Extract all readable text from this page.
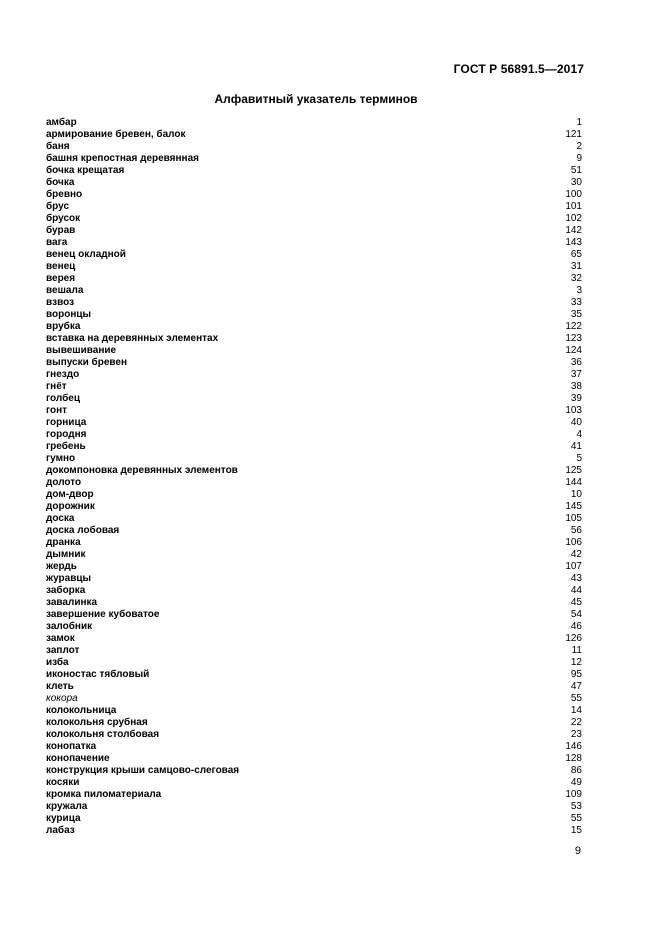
ГОСТ Р 56891.5—2017
Алфавитный указатель терминов
амбар	1
армирование бревен, балок	121
баня	2
башня крепостная деревянная	9
бочка крещатая	51
бочка	30
бревно	100
брус	101
брусок	102
бурав	142
вага	143
венец окладной	65
венец	31
верея	32
вешала	3
взвоз	33
воронцы	35
врубка	122
вставка на деревянных элементах	123
вывешивание	124
выпуски бревен	36
гнездо	37
гнёт	38
голбец	39
гонт	103
горница	40
городня	4
гребень	41
гумно	5
докомпоновка деревянных элементов	125
долото	144
дом-двор	10
дорожник	145
доска	105
доска лобовая	56
дранка	106
дымник	42
жердь	107
журавцы	43
заборка	44
завалинка	45
завершение кубоватое	54
залобник	46
замок	126
заплот	11
изба	12
иконостас тябловый	95
клеть	47
кокора	55
колокольница	14
колокольня срубная	22
колокольня столбовая	23
конопатка	146
конопачение	128
конструкция крыши самцово-слеговая	86
косяки	49
кромка пиломатериала	109
кружала	53
курица	55
лабаз	15
9
